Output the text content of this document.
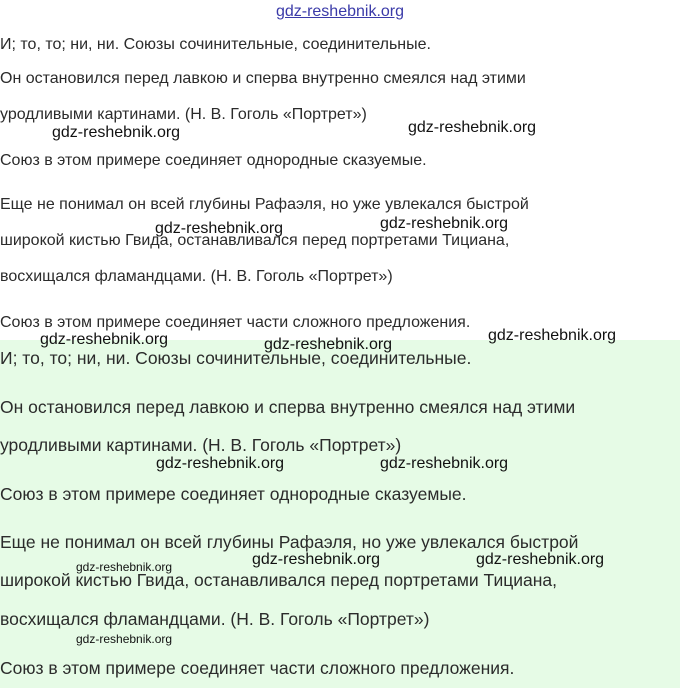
gdz-reshebnik.org
И; то, то; ни, ни. Союзы сочинительные, соединительные.
Он остановился перед лавкою и сперва внутренно смеялся над этими
уродливыми картинами. (Н. В. Гоголь «Портрет»)
Союз в этом примере соединяет однородные сказуемые.
Еще не понимал он всей глубины Рафаэля, но уже увлекался быстрой
широкой кистью Гвида, останавливался перед портретами Тициана,
восхищался фламандцами. (Н. В. Гоголь «Портрет»)
Союз в этом примере соединяет части сложного предложения.
И; то, то; ни, ни. Союзы сочинительные, соединительные.
Он остановился перед лавкою и сперва внутренно смеялся над этими
уродливыми картинами. (Н. В. Гоголь «Портрет»)
Союз в этом примере соединяет однородные сказуемые.
Еще не понимал он всей глубины Рафаэля, но уже увлекался быстрой
широкой кистью Гвида, останавливался перед портретами Тициана,
восхищался фламандцами. (Н. В. Гоголь «Портрет»)
Союз в этом примере соединяет части сложного предложения.
gdz-reshebnik.org	gdz-reshebnik.org
gdz-reshebnik.org	gdz-reshebnik.org
gdz-reshebnik.org	gdz-reshebnik.org
gdz-reshebnik.org
gdz-reshebnik.org	gdz-reshebnik.org
gdz-reshebnik.org	gdz-reshebnik.org
gdz-reshebnik.org
gdz-reshebnik.org
